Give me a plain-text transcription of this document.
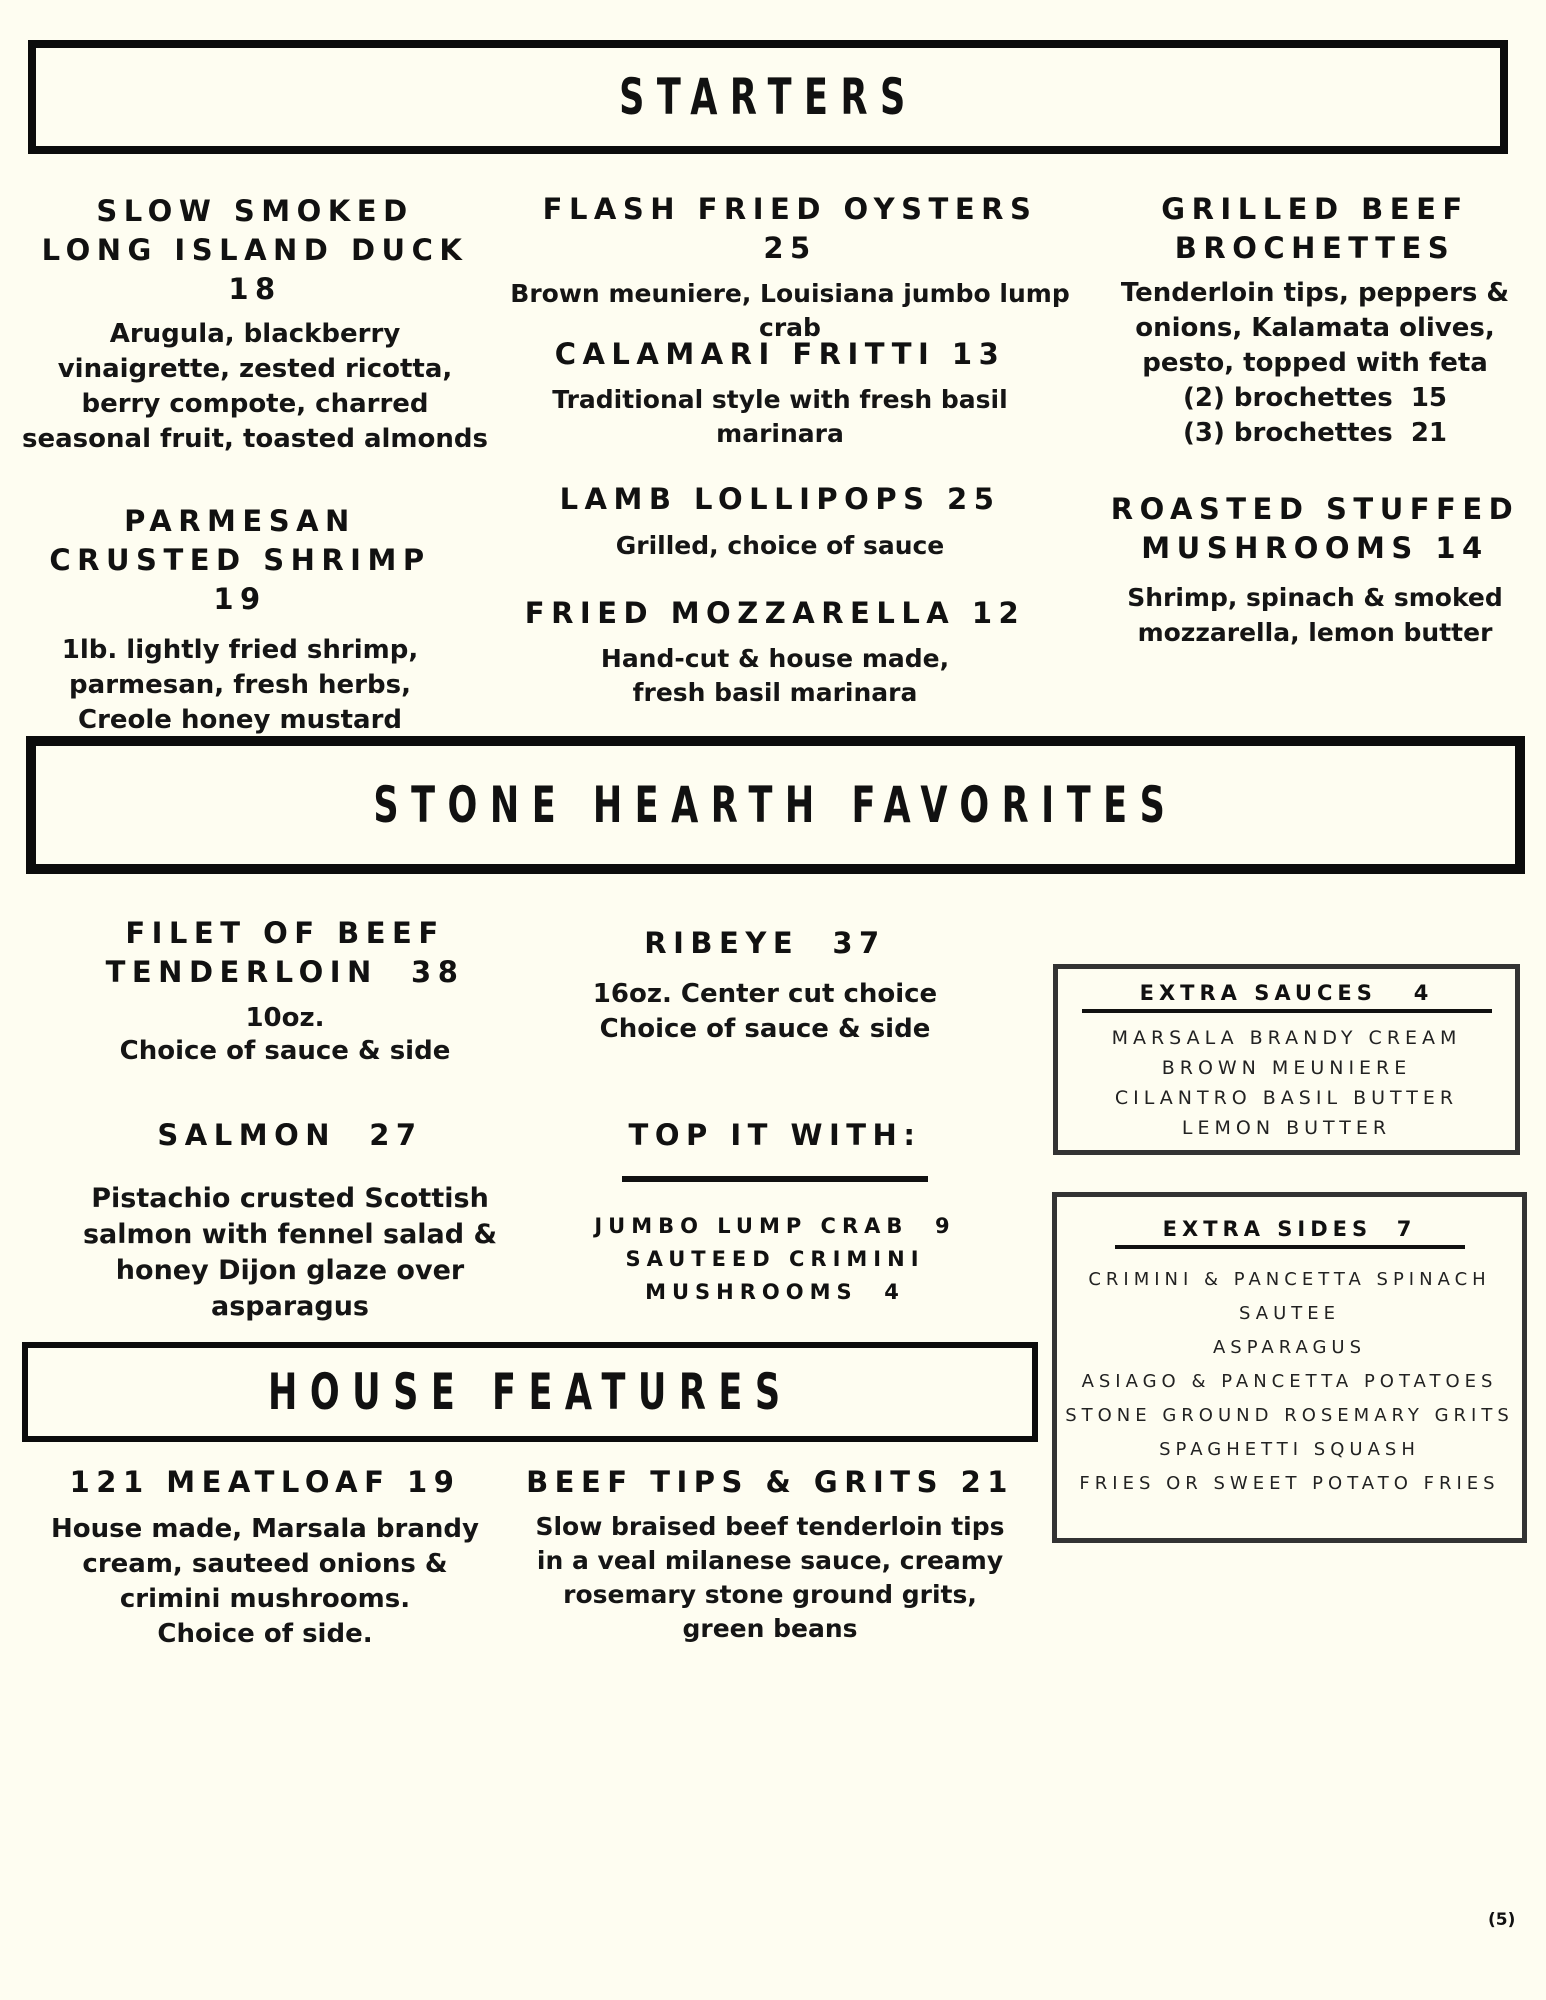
STARTERS
SLOW SMOKED LONG ISLAND DUCK 18

Arugula, blackberry vinaigrette, zested ricotta, berry compote, charred seasonal fruit, toasted almonds

PARMESAN CRUSTED SHRIMP 19

1lb. lightly fried shrimp, parmesan, fresh herbs, Creole honey mustard

FLASH FRIED OYSTERS 25

Brown meuniere, Louisiana jumbo lump crab

CALAMARI FRITTI 13

Traditional style with fresh basil marinara

LAMB LOLLIPOPS 25

Grilled, choice of sauce

FRIED MOZZARELLA 12

Hand-cut & house made, fresh basil marinara

GRILLED BEEF BROCHETTES

Tenderloin tips, peppers & onions, Kalamata olives, pesto, topped with feta

(2) brochettes  15

(3) brochettes  21

ROASTED STUFFED MUSHROOMS 14

Shrimp, spinach & smoked mozzarella, lemon butter

STONE HEARTH FAVORITES
FILET OF BEEF TENDERLOIN  38

10oz.

Choice of sauce & side

RIBEYE  37

16oz. Center cut choice

Choice of sauce & side

SALMON  27

Pistachio crusted Scottish salmon with fennel salad & honey Dijon glaze over asparagus

TOP IT WITH:
JUMBO LUMP CRAB  9
SAUTEED CRIMINI
MUSHROOMS  4
EXTRA SAUCES   4
MARSALA BRANDY CREAM
BROWN MEUNIERE
CILANTRO BASIL BUTTER
LEMON BUTTER
EXTRA SIDES  7
CRIMINI & PANCETTA SPINACH
SAUTEE
ASPARAGUS
ASIAGO & PANCETTA POTATOES
STONE GROUND ROSEMARY GRITS
SPAGHETTI SQUASH
FRIES OR SWEET POTATO FRIES
HOUSE FEATURES
121 MEATLOAF 19

House made, Marsala brandy cream, sauteed onions & crimini mushrooms.

Choice of side.

BEEF TIPS & GRITS 21

Slow braised beef tenderloin tips in a veal milanese sauce, creamy rosemary stone ground grits, green beans

(5)
